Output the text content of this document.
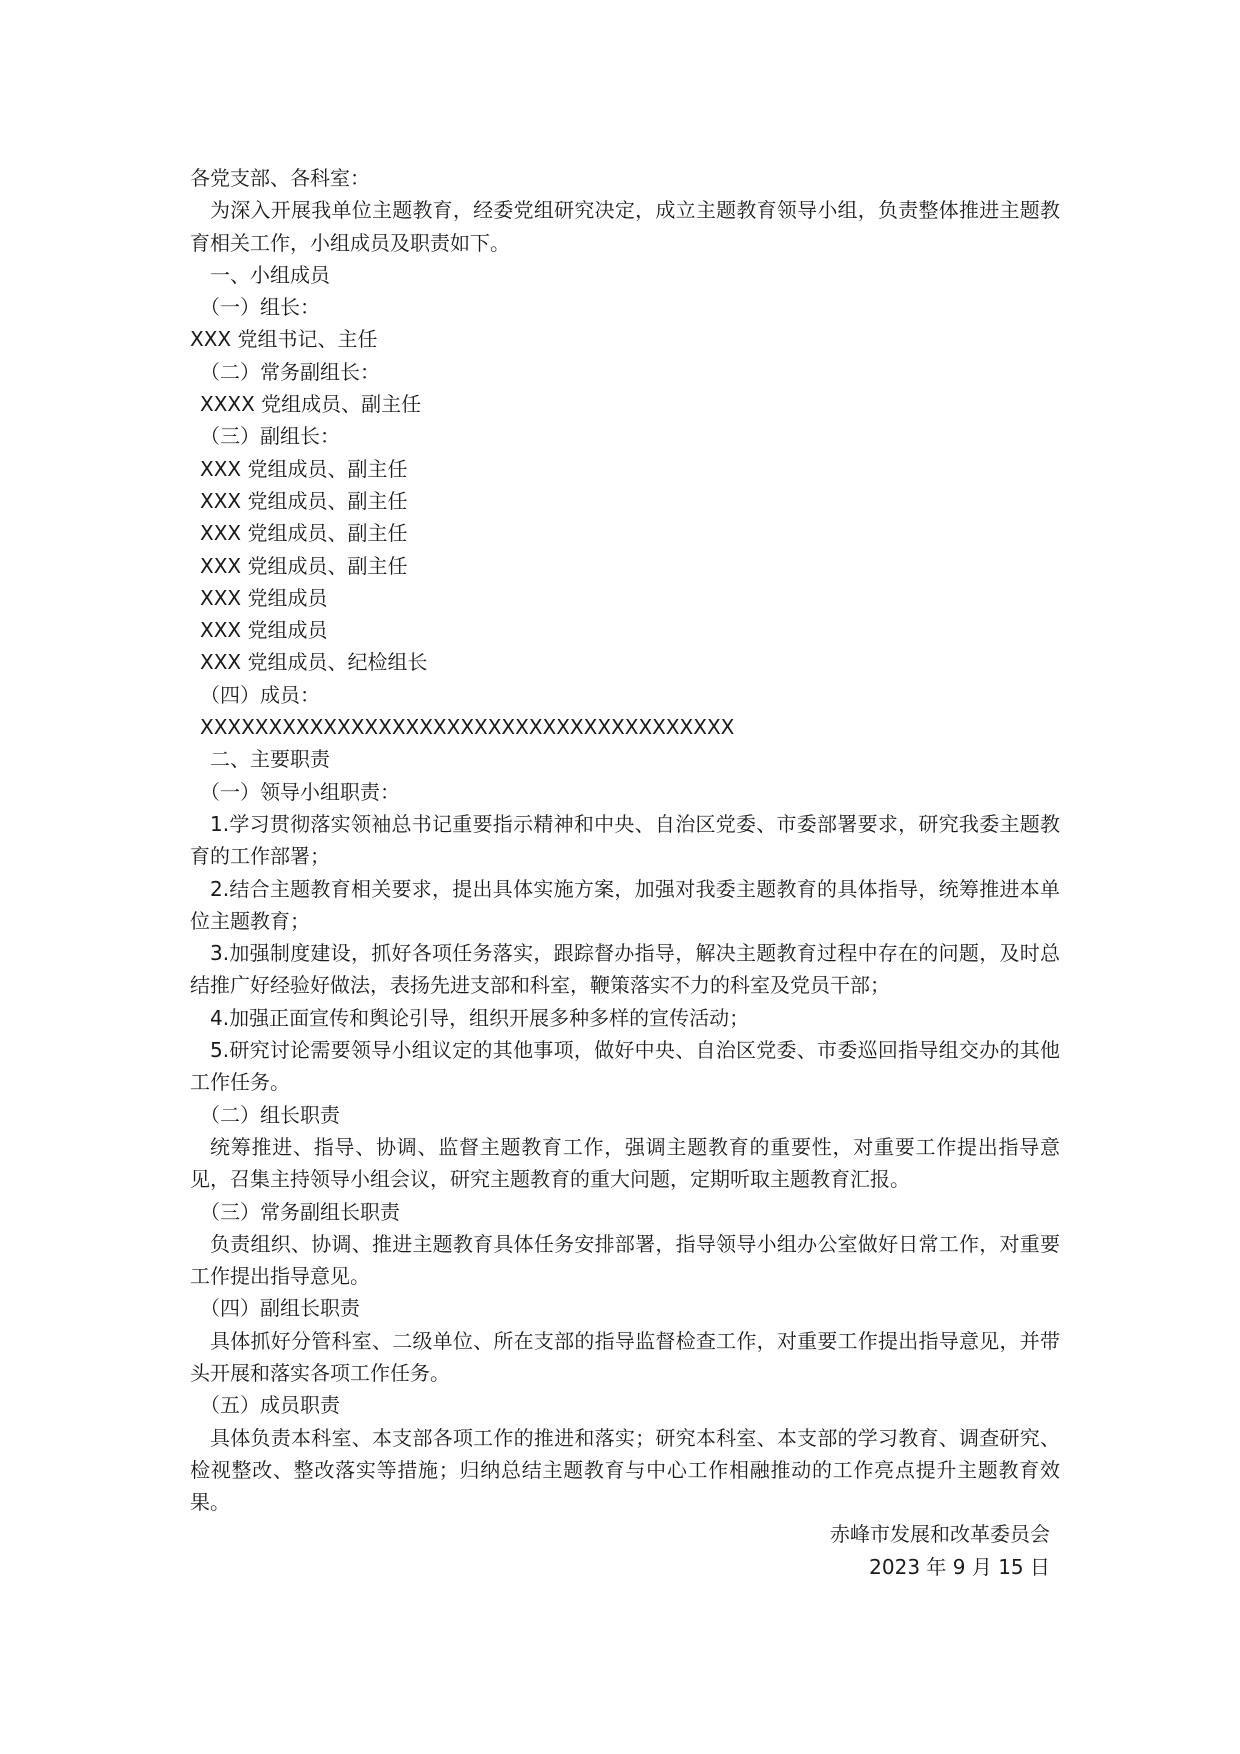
各党支部、各科室：
为深入开展我单位主题教育，经委党组研究决定，成立主题教育领导小组，负责整体推进主题教育相关工作，小组成员及职责如下。
一、小组成员
（一）组长：
XXX 党组书记、主任
（二）常务副组长：
XXXX 党组成员、副主任
（三）副组长：
XXX 党组成员、副主任
XXX 党组成员、副主任
XXX 党组成员、副主任
XXX 党组成员、副主任
XXX 党组成员
XXX 党组成员
XXX 党组成员、纪检组长
（四）成员：
XXXXXXXXXXXXXXXXXXXXXXXXXXXXXXXXXXXXXXX
二、主要职责
（一）领导小组职责：
1.学习贯彻落实领袖总书记重要指示精神和中央、自治区党委、市委部署要求，研究我委主题教育的工作部署；
2.结合主题教育相关要求，提出具体实施方案，加强对我委主题教育的具体指导，统筹推进本单位主题教育；
3.加强制度建设，抓好各项任务落实，跟踪督办指导，解决主题教育过程中存在的问题，及时总结推广好经验好做法，表扬先进支部和科室，鞭策落实不力的科室及党员干部；
4.加强正面宣传和舆论引导，组织开展多种多样的宣传活动；
5.研究讨论需要领导小组议定的其他事项，做好中央、自治区党委、市委巡回指导组交办的其他工作任务。
（二）组长职责
统筹推进、指导、协调、监督主题教育工作，强调主题教育的重要性，对重要工作提出指导意见，召集主持领导小组会议，研究主题教育的重大问题，定期听取主题教育汇报。
（三）常务副组长职责
负责组织、协调、推进主题教育具体任务安排部署，指导领导小组办公室做好日常工作，对重要工作提出指导意见。
（四）副组长职责
具体抓好分管科室、二级单位、所在支部的指导监督检查工作，对重要工作提出指导意见，并带头开展和落实各项工作任务。
（五）成员职责
具体负责本科室、本支部各项工作的推进和落实；研究本科室、本支部的学习教育、调查研究、检视整改、整改落实等措施；归纳总结主题教育与中心工作相融推动的工作亮点提升主题教育效果。
赤峰市发展和改革委员会
2023 年 9 月 15 日
